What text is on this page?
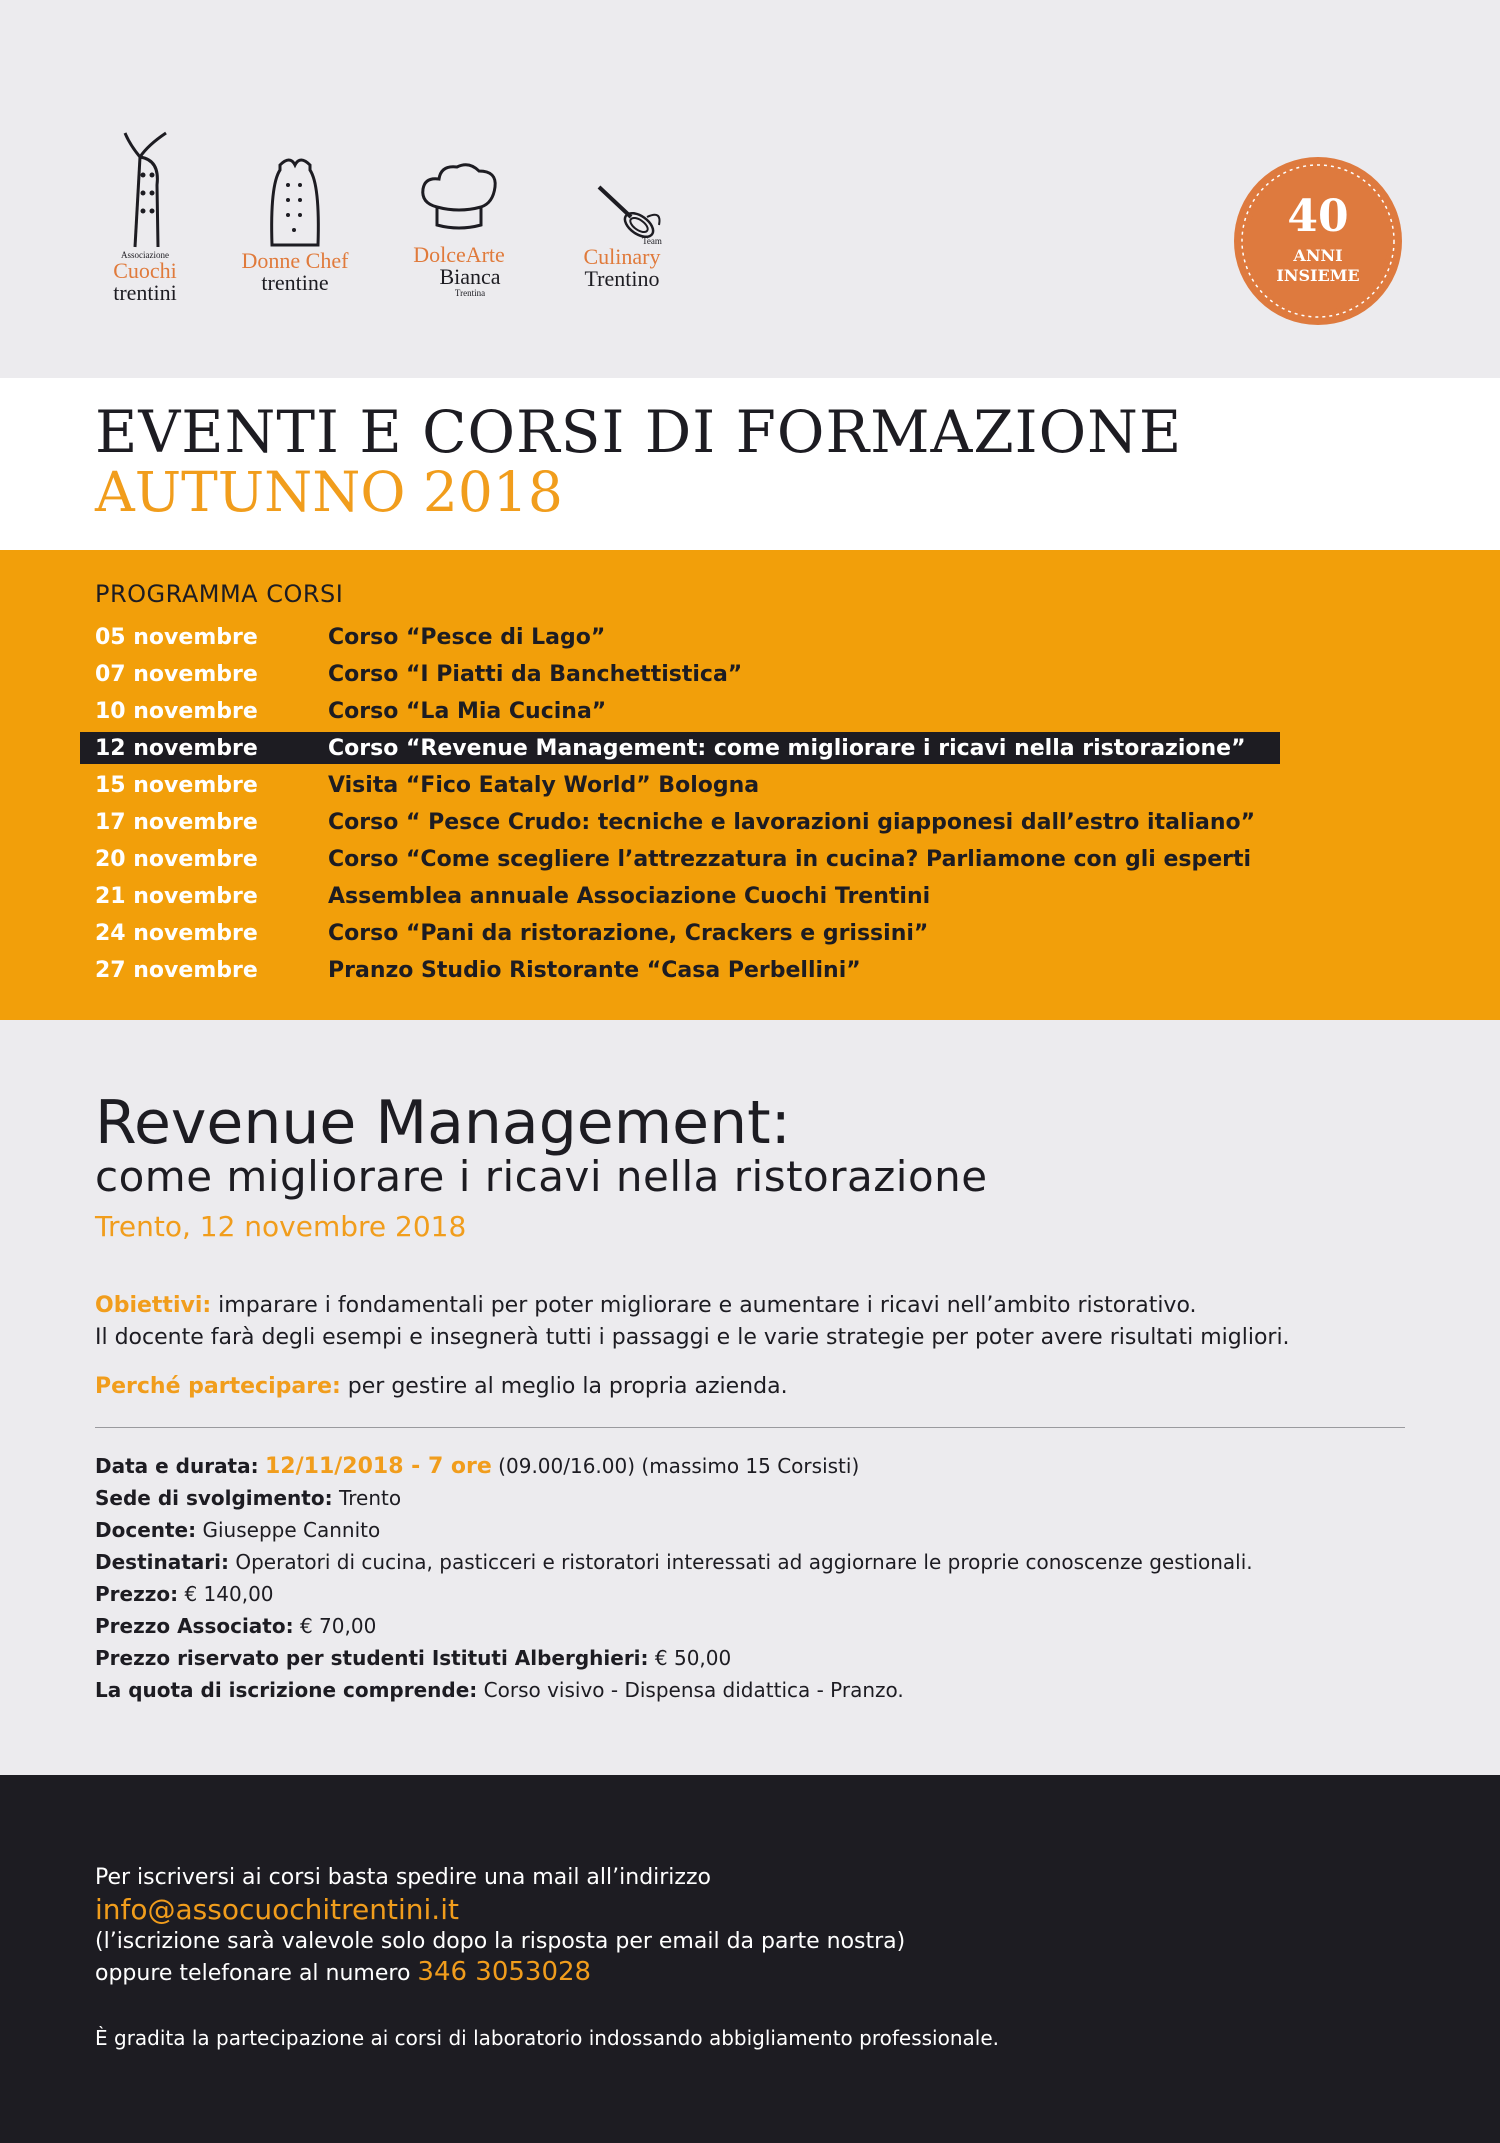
Associazione
Cuochi
trentini
Donne Chef
trentine
DolceArte
Bianca
Trentina
Team
Culinary
Trentino
40
ANNI
INSIEME
EVENTI E CORSI DI FORMAZIONE
AUTUNNO 2018
PROGRAMMA CORSI
05 novembre	Corso “Pesce di Lago”
07 novembre	Corso “I Piatti da Banchettistica”
10 novembre	Corso “La Mia Cucina”
12 novembre	Corso “Revenue Management: come migliorare i ricavi nella ristorazione”
15 novembre	Visita “Fico Eataly World” Bologna
17 novembre	Corso “ Pesce Crudo: tecniche e lavorazioni giapponesi dall’estro italiano”
20 novembre	Corso “Come scegliere l’attrezzatura in cucina? Parliamone con gli esperti
21 novembre	Assemblea annuale Associazione Cuochi Trentini
24 novembre	Corso “Pani da ristorazione, Crackers e grissini”
27 novembre	Pranzo Studio Ristorante “Casa Perbellini”
Revenue Management:
come migliorare i ricavi nella ristorazione
Trento, 12 novembre 2018
Obiettivi: imparare i fondamentali per poter migliorare e aumentare i ricavi nell’ambito ristorativo.
Il docente farà degli esempi e insegnerà tutti i passaggi e le varie strategie per poter avere risultati migliori.
Perché partecipare: per gestire al meglio la propria azienda.
Data e durata: 12/11/2018 - 7 ore (09.00/16.00) (massimo 15 Corsisti)
Sede di svolgimento: Trento
Docente: Giuseppe Cannito
Destinatari: Operatori di cucina, pasticceri e ristoratori interessati ad aggiornare le proprie conoscenze gestionali.
Prezzo: € 140,00
Prezzo Associato: € 70,00
Prezzo riservato per studenti Istituti Alberghieri: € 50,00
La quota di iscrizione comprende: Corso visivo - Dispensa didattica - Pranzo.
Per iscriversi ai corsi basta spedire una mail all’indirizzo
info@assocuochitrentini.it
(l’iscrizione sarà valevole solo dopo la risposta per email da parte nostra)
oppure telefonare al numero 346 3053028
È gradita la partecipazione ai corsi di laboratorio indossando abbigliamento professionale.
